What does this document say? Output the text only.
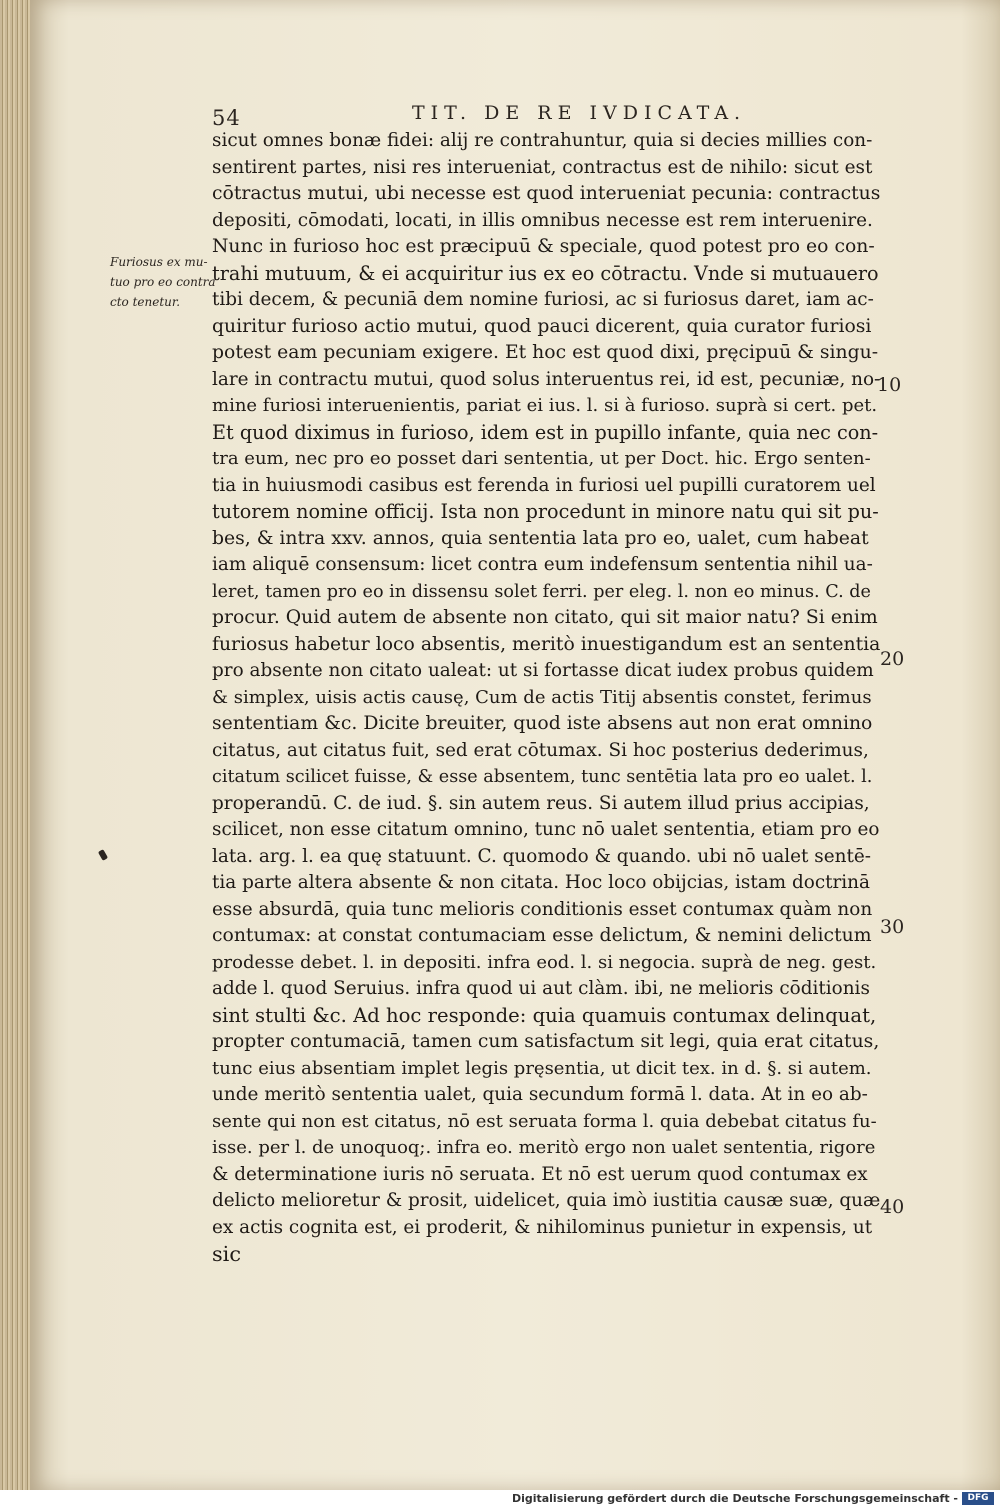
54	TIT. DE RE IVDICATA.
Furiosus ex mu-
tuo pro eo contra
cto tenetur.
10
20
30
40
sicut omnes bonæ fidei: alij re contrahuntur, quia si decies millies con-
sentirent partes, nisi res interueniat, contractus est de nihilo: sicut est
cōtractus mutui, ubi necesse est quod interueniat pecunia: contractus
depositi, cōmodati, locati, in illis omnibus necesse est rem interuenire.
Nunc in furioso hoc est præcipuū & speciale, quod potest pro eo con-
trahi mutuum, & ei acquiritur ius ex eo cōtractu. Vnde si mutuauero
tibi decem, & pecuniā dem nomine furiosi, ac si furiosus daret, iam ac-
quiritur furioso actio mutui, quod pauci dicerent, quia curator furiosi
potest eam pecuniam exigere. Et hoc est quod dixi, pręcipuū & singu-
lare in contractu mutui, quod solus interuentus rei, id est, pecuniæ, no-
mine furiosi interuenientis, pariat ei ius. l. si à furioso. suprà si cert. pet.
Et quod diximus in furioso, idem est in pupillo infante, quia nec con-
tra eum, nec pro eo posset dari sententia, ut per Doct. hic. Ergo senten-
tia in huiusmodi casibus est ferenda in furiosi uel pupilli curatorem uel
tutorem nomine officij. Ista non procedunt in minore natu qui sit pu-
bes, & intra xxv. annos, quia sententia lata pro eo, ualet, cum habeat
iam aliquē consensum: licet contra eum indefensum sententia nihil ua-
leret, tamen pro eo in dissensu solet ferri. per eleg. l. non eo minus. C. de
procur. Quid autem de absente non citato, qui sit maior natu? Si enim
furiosus habetur loco absentis, meritò inuestigandum est an sententia
pro absente non citato ualeat: ut si fortasse dicat iudex probus quidem
& simplex, uisis actis causę, Cum de actis Titij absentis constet, ferimus
sententiam &c. Dicite breuiter, quod iste absens aut non erat omnino
citatus, aut citatus fuit, sed erat cōtumax. Si hoc posterius dederimus,
citatum scilicet fuisse, & esse absentem, tunc sentētia lata pro eo ualet. l.
properandū. C. de iud. §. sin autem reus. Si autem illud prius accipias,
scilicet, non esse citatum omnino, tunc nō ualet sententia, etiam pro eo
lata. arg. l. ea quę statuunt. C. quomodo & quando. ubi nō ualet sentē-
tia parte altera absente & non citata. Hoc loco obijcias, istam doctrinā
esse absurdā, quia tunc melioris conditionis esset contumax quàm non
contumax: at constat contumaciam esse delictum, & nemini delictum
prodesse debet. l. in depositi. infra eod. l. si negocia. suprà de neg. gest.
adde l. quod Seruius. infra quod ui aut clàm. ibi, ne melioris cōditionis
sint stulti &c. Ad hoc responde: quia quamuis contumax delinquat,
propter contumaciā, tamen cum satisfactum sit legi, quia erat citatus,
tunc eius absentiam implet legis pręsentia, ut dicit tex. in d. §. si autem.
unde meritò sententia ualet, quia secundum formā l. data. At in eo ab-
sente qui non est citatus, nō est seruata forma l. quia debebat citatus fu-
isse. per l. de unoquoq;. infra eo. meritò ergo non ualet sententia, rigore
& determinatione iuris nō seruata. Et nō est uerum quod contumax ex
delicto melioretur & prosit, uidelicet, quia imò iustitia causæ suæ, quæ
ex actis cognita est, ei proderit, & nihilominus punietur in expensis, ut
sic
Digitalisierung gefördert durch die Deutsche Forschungsgemeinschaft -	DFG
